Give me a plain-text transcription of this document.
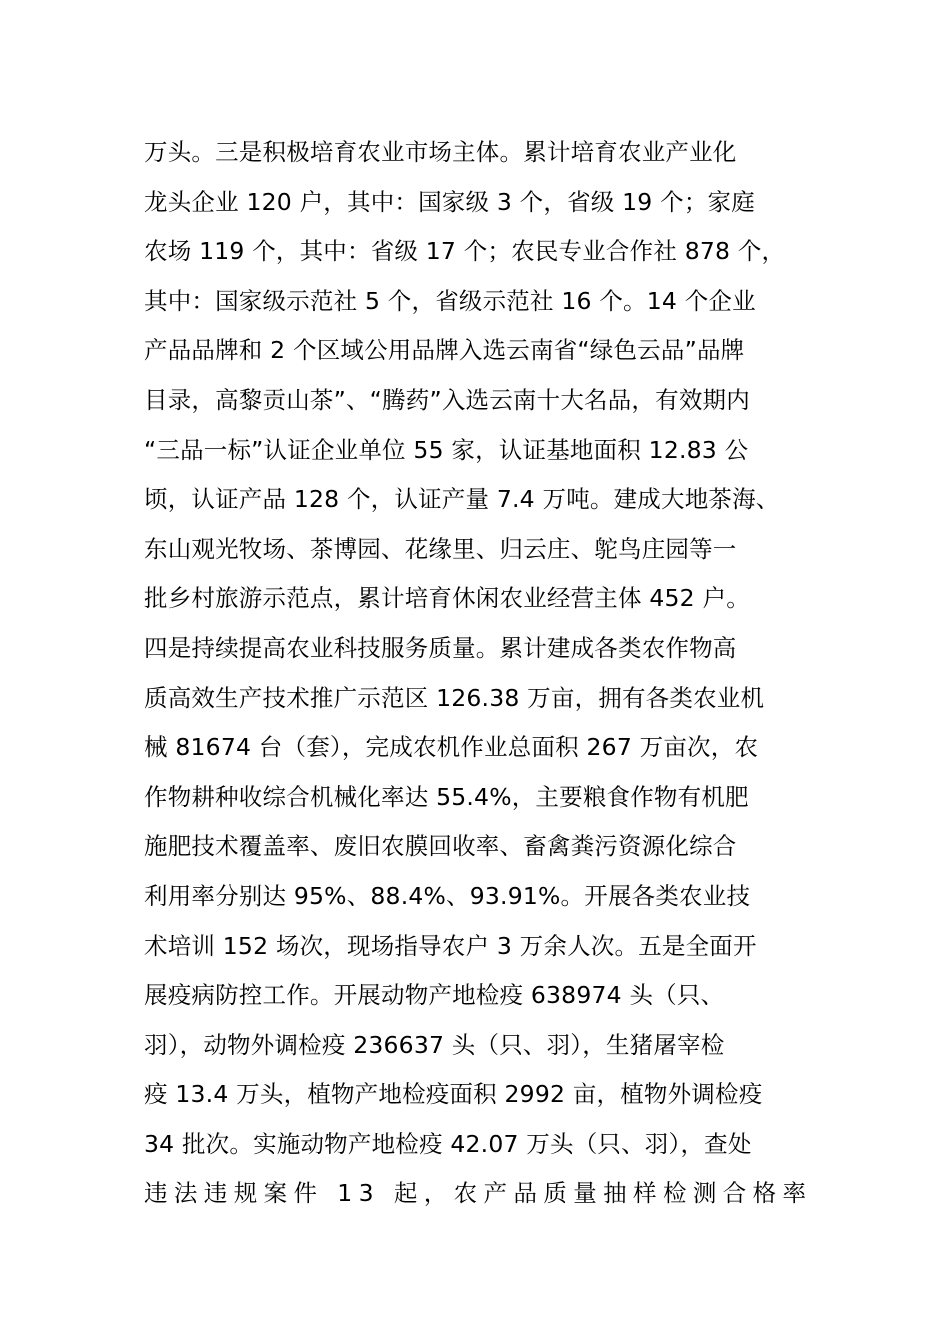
万头。三是积极培育农业市场主体。累计培育农业产业化
龙头企业 120 户，其中：国家级 3 个，省级 19 个；家庭
农场 119 个，其中：省级 17 个；农民专业合作社 878 个，
其中：国家级示范社 5 个，省级示范社 16 个。14 个企业
产品品牌和 2 个区域公用品牌入选云南省“绿色云品”品牌
目录，高黎贡山茶”、“腾药”入选云南十大名品，有效期内
“三品一标”认证企业单位 55 家，认证基地面积 12.83 公
顷，认证产品 128 个，认证产量 7.4 万吨。建成大地茶海、
东山观光牧场、茶博园、花缘里、归云庄、鸵鸟庄园等一
批乡村旅游示范点，累计培育休闲农业经营主体 452 户。
四是持续提高农业科技服务质量。累计建成各类农作物高
质高效生产技术推广示范区 126.38 万亩，拥有各类农业机
械 81674 台（套），完成农机作业总面积 267 万亩次，农
作物耕种收综合机械化率达 55.4%，主要粮食作物有机肥
施肥技术覆盖率、废旧农膜回收率、畜禽粪污资源化综合
利用率分别达 95%、88.4%、93.91%。开展各类农业技
术培训 152 场次，现场指导农户 3 万余人次。五是全面开
展疫病防控工作。开展动物产地检疫 638974 头（只、
羽），动物外调检疫 236637 头（只、羽），生猪屠宰检
疫 13.4 万头，植物产地检疫面积 2992 亩，植物外调检疫
34 批次。实施动物产地检疫 42.07 万头（只、羽），查处
违法违规案件 13 起，农产品质量抽样检测合格率
